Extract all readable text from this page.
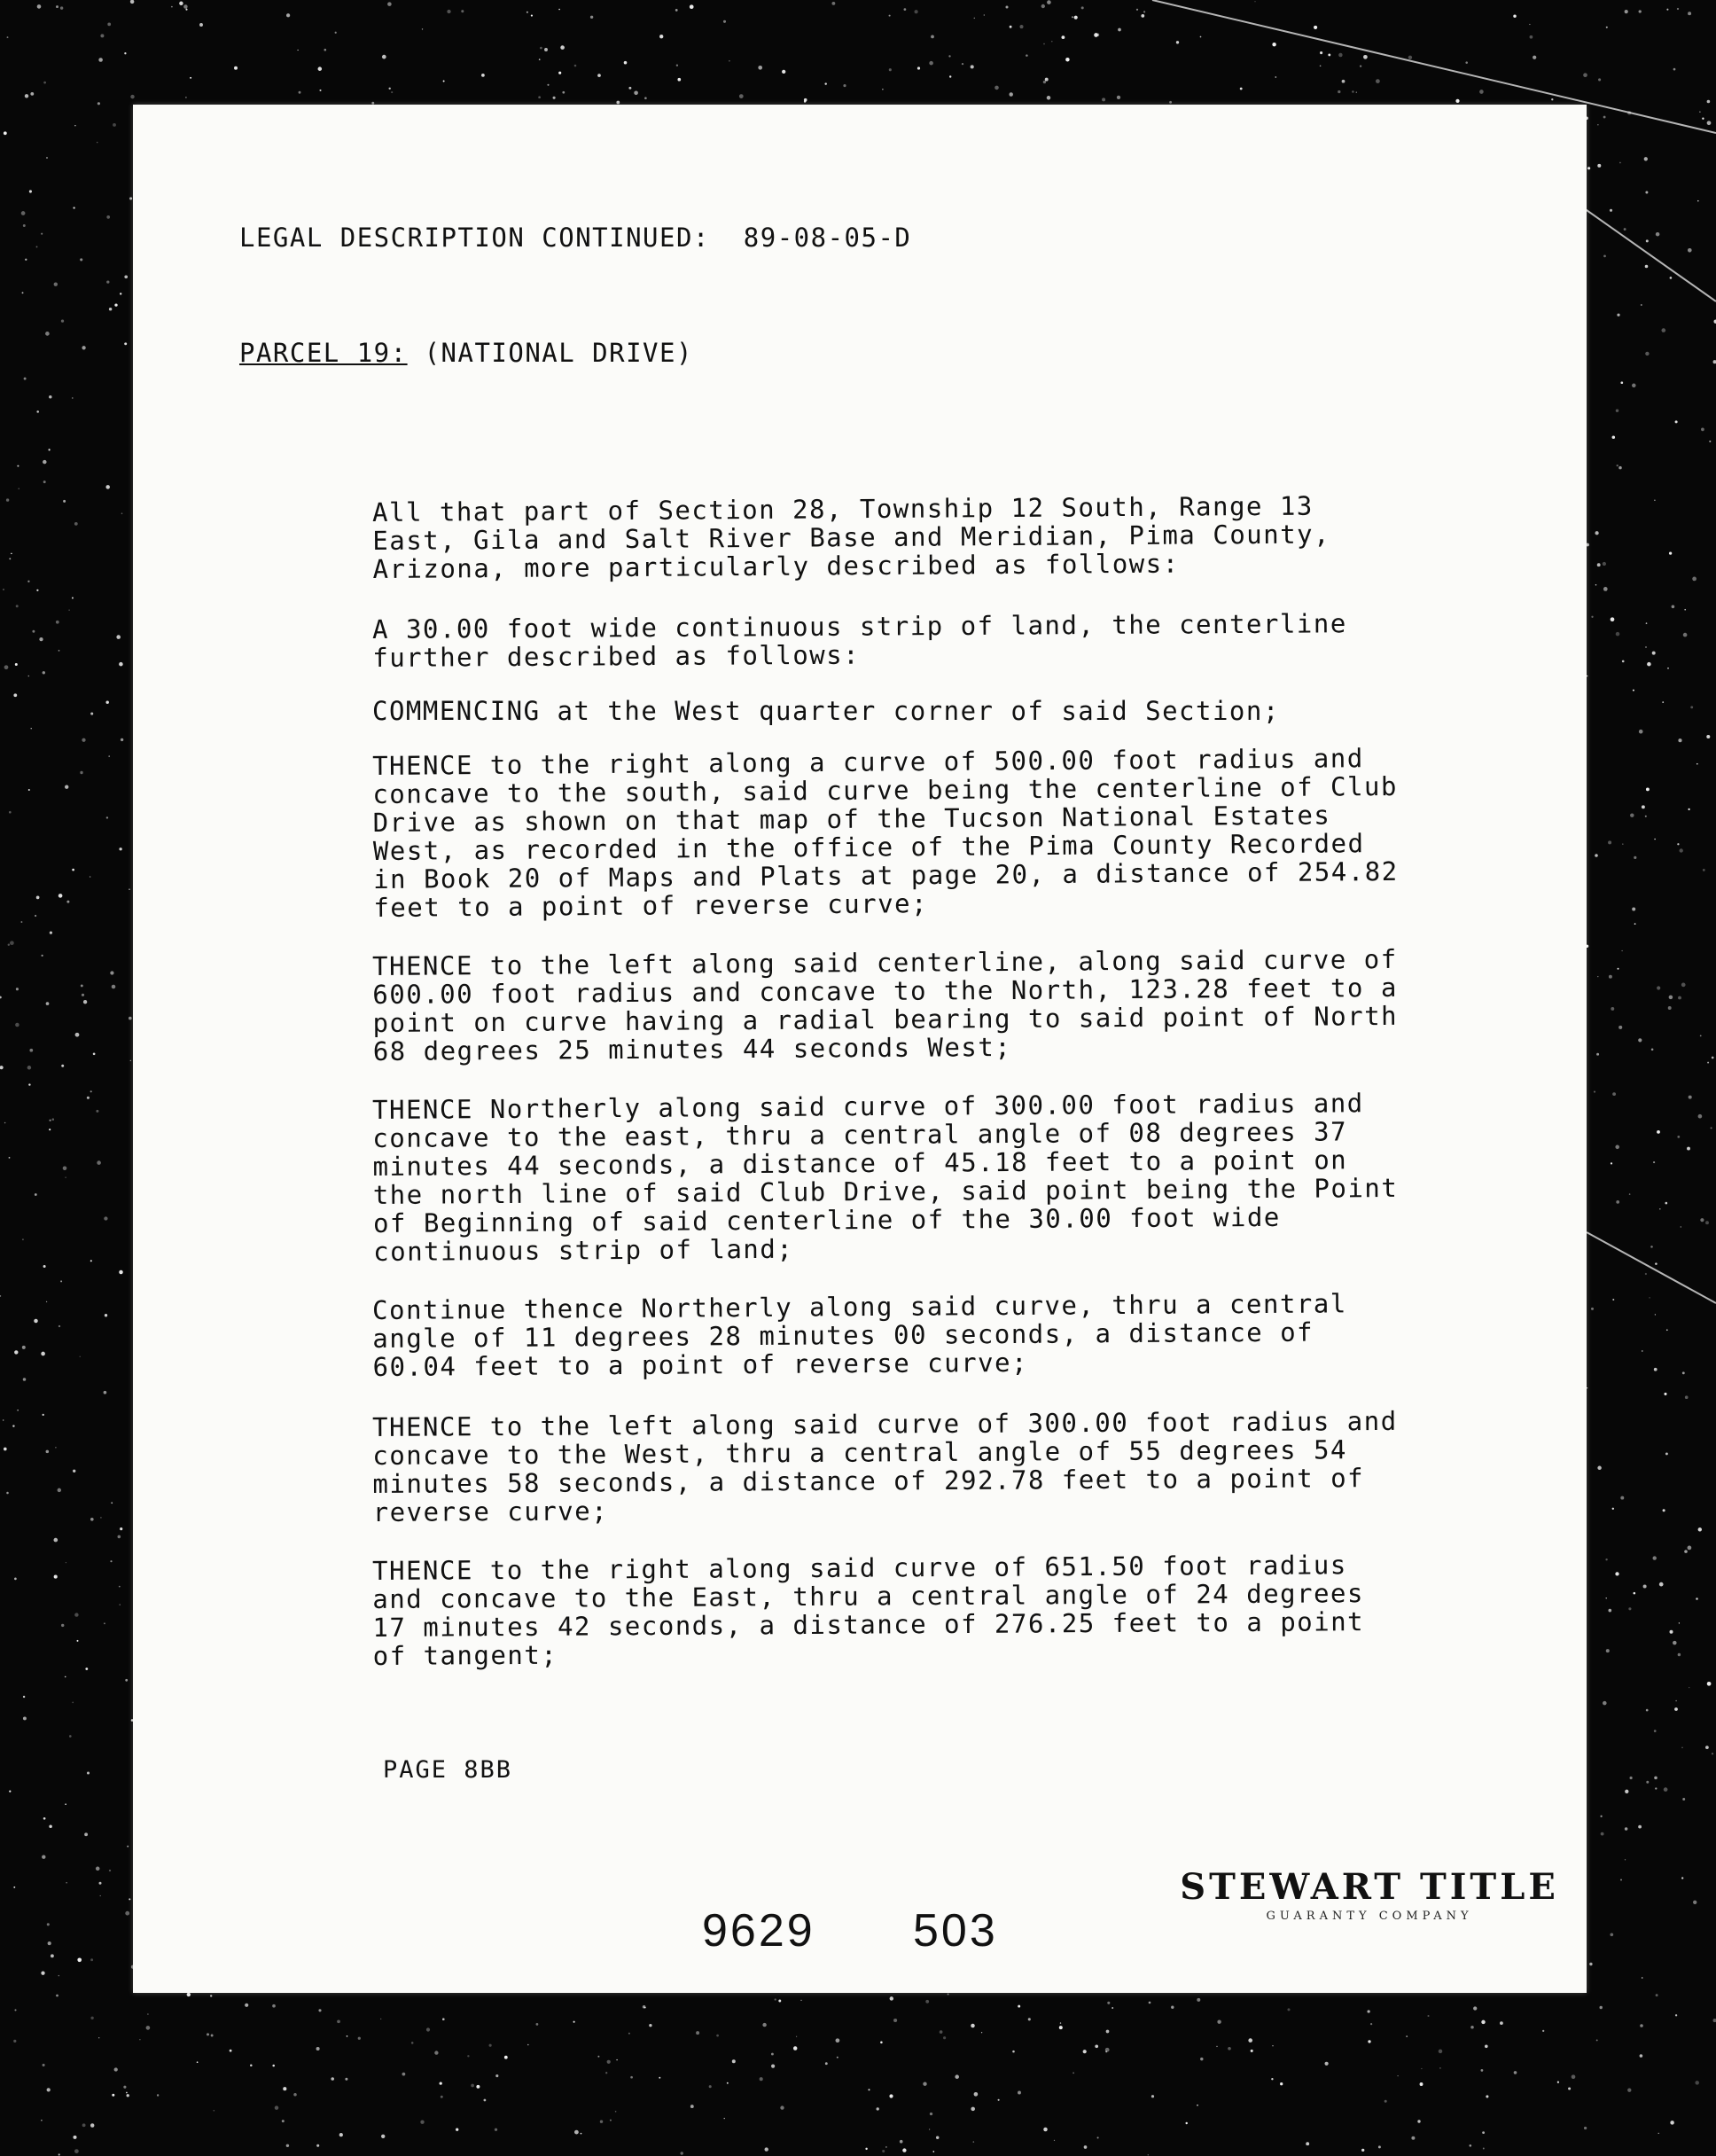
LEGAL DESCRIPTION CONTINUED:  89-08-05-D
PARCEL 19: (NATIONAL DRIVE)
All that part of Section 28, Township 12 South, Range 13
East, Gila and Salt River Base and Meridian, Pima County,
Arizona, more particularly described as follows:
A 30.00 foot wide continuous strip of land, the centerline
further described as follows:
COMMENCING at the West quarter corner of said Section;
THENCE to the right along a curve of 500.00 foot radius and
concave to the south, said curve being the centerline of Club
Drive as shown on that map of the Tucson National Estates
West, as recorded in the office of the Pima County Recorded
in Book 20 of Maps and Plats at page 20, a distance of 254.82
feet to a point of reverse curve;
THENCE to the left along said centerline, along said curve of
600.00 foot radius and concave to the North, 123.28 feet to a
point on curve having a radial bearing to said point of North
68 degrees 25 minutes 44 seconds West;
THENCE Northerly along said curve of 300.00 foot radius and
concave to the east, thru a central angle of 08 degrees 37
minutes 44 seconds, a distance of 45.18 feet to a point on
the north line of said Club Drive, said point being the Point
of Beginning of said centerline of the 30.00 foot wide
continuous strip of land;
Continue thence Northerly along said curve, thru a central
angle of 11 degrees 28 minutes 00 seconds, a distance of
60.04 feet to a point of reverse curve;
THENCE to the left along said curve of 300.00 foot radius and
concave to the West, thru a central angle of 55 degrees 54
minutes 58 seconds, a distance of 292.78 feet to a point of
reverse curve;
THENCE to the right along said curve of 651.50 foot radius
and concave to the East, thru a central angle of 24 degrees
17 minutes 42 seconds, a distance of 276.25 feet to a point
of tangent;
PAGE 8BB
9629 503
STEWART TITLE
GUARANTY COMPANY
